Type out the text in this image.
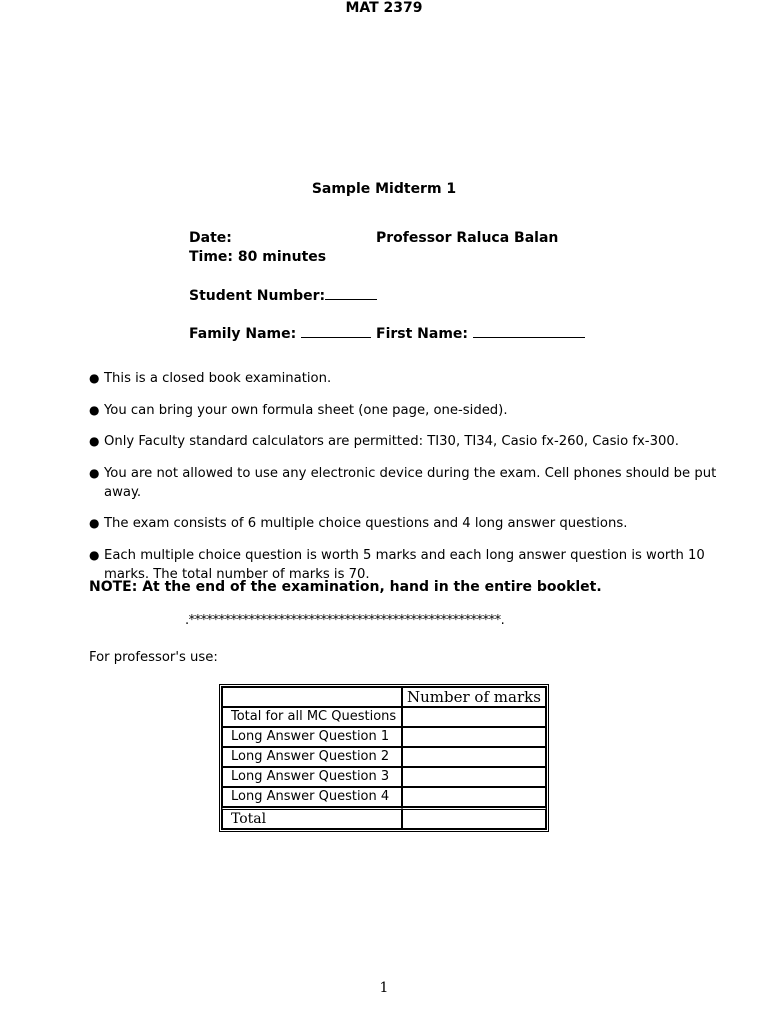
MAT 2379
Sample Midterm 1
Date:	Professor Raluca Balan
Time: 80 minutes
Student Number:
Family Name:	First Name:
● This is a closed book examination.
● You can bring your own formula sheet (one page, one-sided).
● Only Faculty standard calculators are permitted: TI30, TI34, Casio fx-260, Casio fx-300.
● You are not allowed to use any electronic device during the exam. Cell phones should be put away.
● The exam consists of 6 multiple choice questions and 4 long answer questions.
● Each multiple choice question is worth 5 marks and each long answer question is worth 10 marks. The total number of marks is 70.
NOTE: At the end of the examination, hand in the entire booklet.
.****************************************************.
For professor's use:
	Number of marks
Total for all MC Questions	
Long Answer Question 1	
Long Answer Question 2	
Long Answer Question 3	
Long Answer Question 4	
Total	
1
